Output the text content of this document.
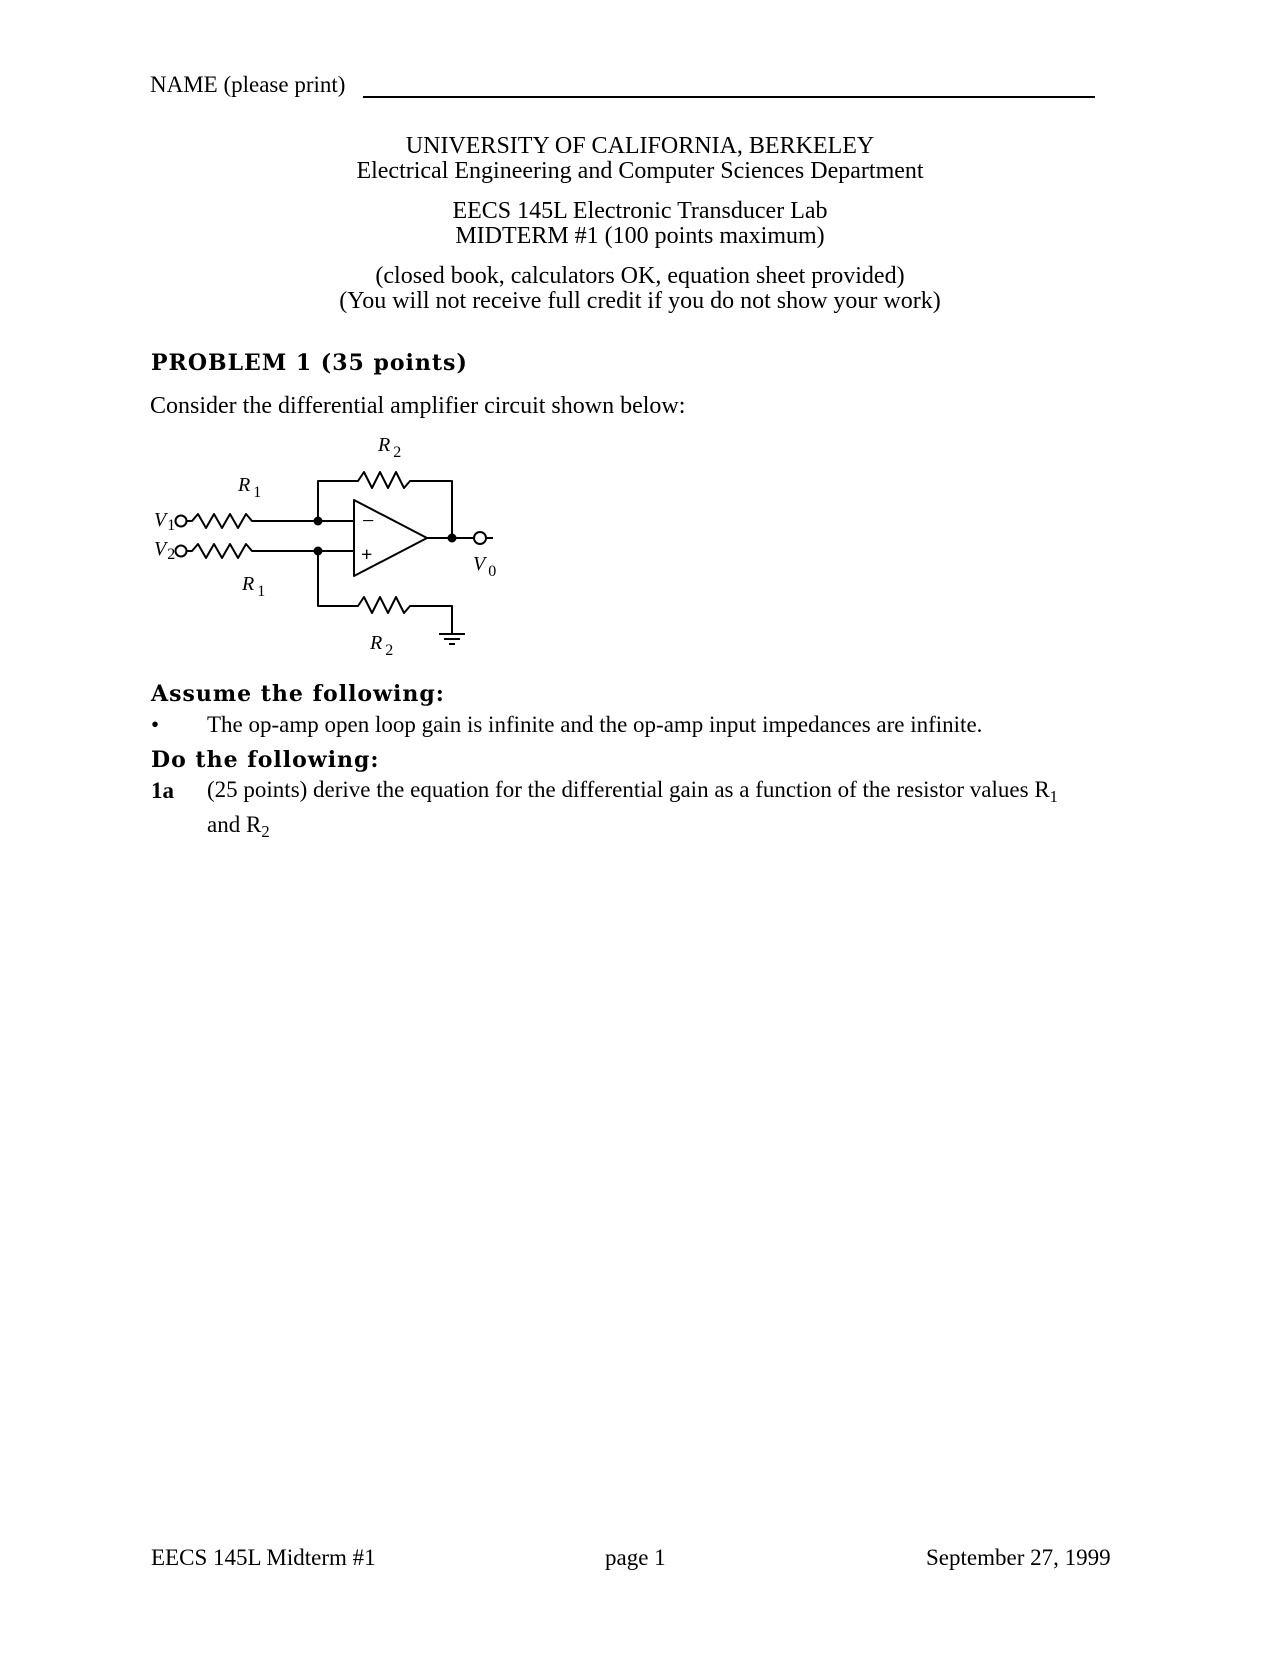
NAME (please print)
UNIVERSITY OF CALIFORNIA, BERKELEY
Electrical Engineering and Computer Sciences Department
EECS 145L Electronic Transducer Lab
MIDTERM #1 (100 points maximum)
(closed book, calculators OK, equation sheet provided)
(You will not receive full credit if you do not show your work)
PROBLEM 1 (35 points)
Consider the differential amplifier circuit shown below:
−
+
R $_2$
R $_1$
$V_1$
$V_2$
R $_1$
V $_0$
R $_2$
Assume the following:
• The op-amp open loop gain is infinite and the op-amp input impedances are infinite.
Do the following:
1a (25 points) derive the equation for the differential gain as a function of the resistor values $R_1$
and $R_2$
EECS 145L Midterm #1	page 1	September 27, 1999
